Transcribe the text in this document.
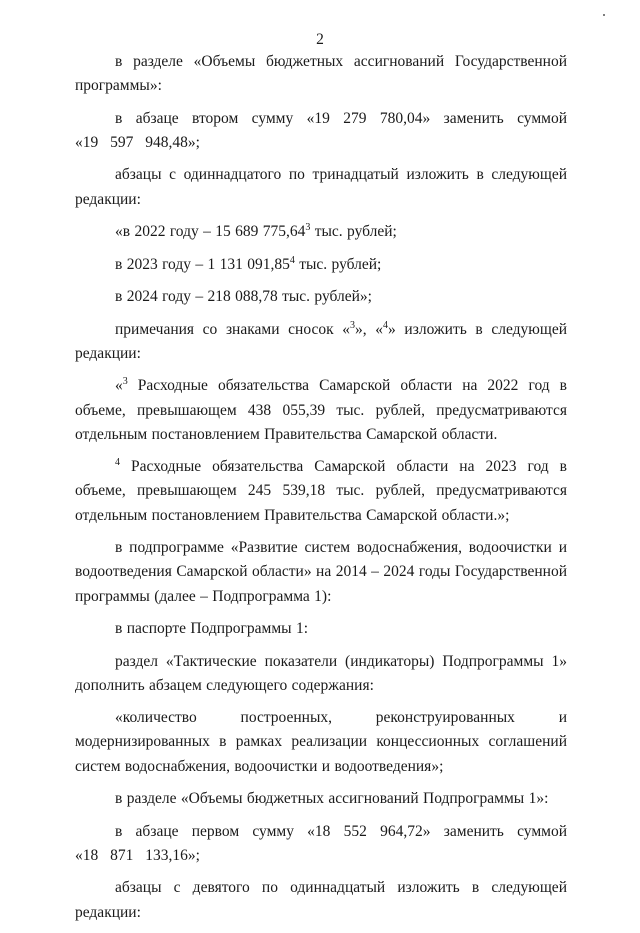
2

в разделе «Объемы бюджетных ассигнований Государственной программы»:

в абзаце втором сумму «19 279 780,04» заменить суммой «19 597 948,48»;

абзацы с одиннадцатого по тринадцатый изложить в следующей редакции:

«в 2022 году – 15 689 775,64$^3$ тыс. рублей;

в 2023 году – 1 131 091,85$^4$ тыс. рублей;

в 2024 году – 218 088,78 тыс. рублей»;

примечания со знаками сносок «$^3$», «$^4$» изложить в следующей редакции:

«$^3$ Расходные обязательства Самарской области на 2022 год в объеме, превышающем 438 055,39 тыс. рублей, предусматриваются отдельным постановлением Правительства Самарской области.

$^4$ Расходные обязательства Самарской области на 2023 год в объеме, превышающем 245 539,18 тыс. рублей, предусматриваются отдельным постановлением Правительства Самарской области.»;

в подпрограмме «Развитие систем водоснабжения, водоочистки и водоотведения Самарской области» на 2014 – 2024 годы Государственной программы (далее – Подпрограмма 1):

в паспорте Подпрограммы 1:

раздел «Тактические показатели (индикаторы) Подпрограммы 1» дополнить абзацем следующего содержания:

«количество построенных, реконструированных и модернизированных в рамках реализации концессионных соглашений систем водоснабжения, водоочистки и водоотведения»;

в разделе «Объемы бюджетных ассигнований Подпрограммы 1»:

в абзаце первом сумму «18 552 964,72» заменить суммой «18 871 133,16»;

абзацы с девятого по одиннадцатый изложить в следующей редакции:
